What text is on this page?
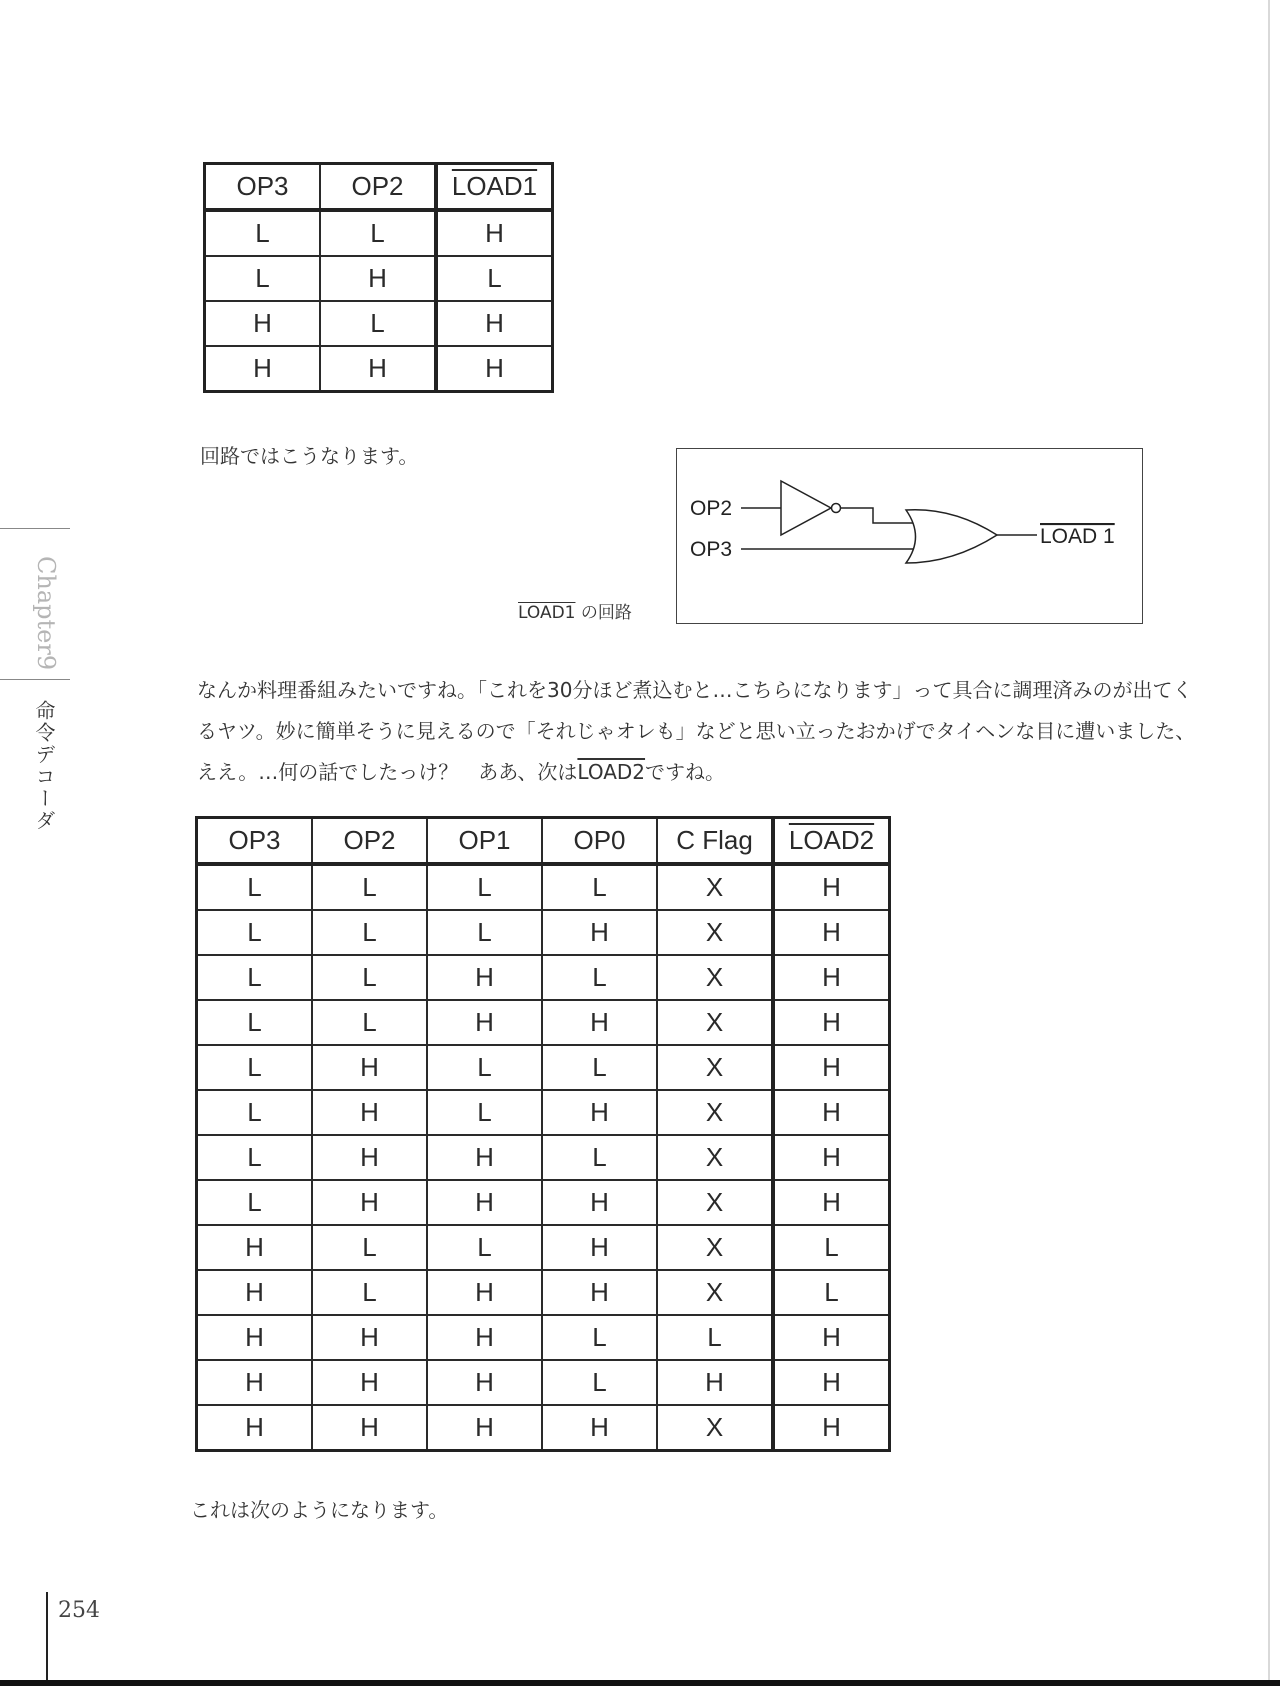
OP3	OP2	LOAD1
L	L	H
L	H	L
H	L	H
H	H	H
回路ではこうなります。
OP2
OP3
LOAD 1
LOAD1 の回路
なんか料理番組みたいですね。「これを30分ほど煮込むと…こちらになります」って具合に調理済みのが出てくるヤツ。妙に簡単そうに見えるので「それじゃオレも」などと思い立ったおかげでタイヘンな目に遭いました、ええ。…何の話でしたっけ？　ああ、次はLOAD2ですね。
OP3	OP2	OP1	OP0	C Flag	LOAD2
L	L	L	L	X	H
L	L	L	H	X	H
L	L	H	L	X	H
L	L	H	H	X	H
L	H	L	L	X	H
L	H	L	H	X	H
L	H	H	L	X	H
L	H	H	H	X	H
H	L	L	H	X	L
H	L	H	H	X	L
H	H	H	L	L	H
H	H	H	L	H	H
H	H	H	H	X	H
これは次のようになります。
Chapter9
命令デコーダ
254
